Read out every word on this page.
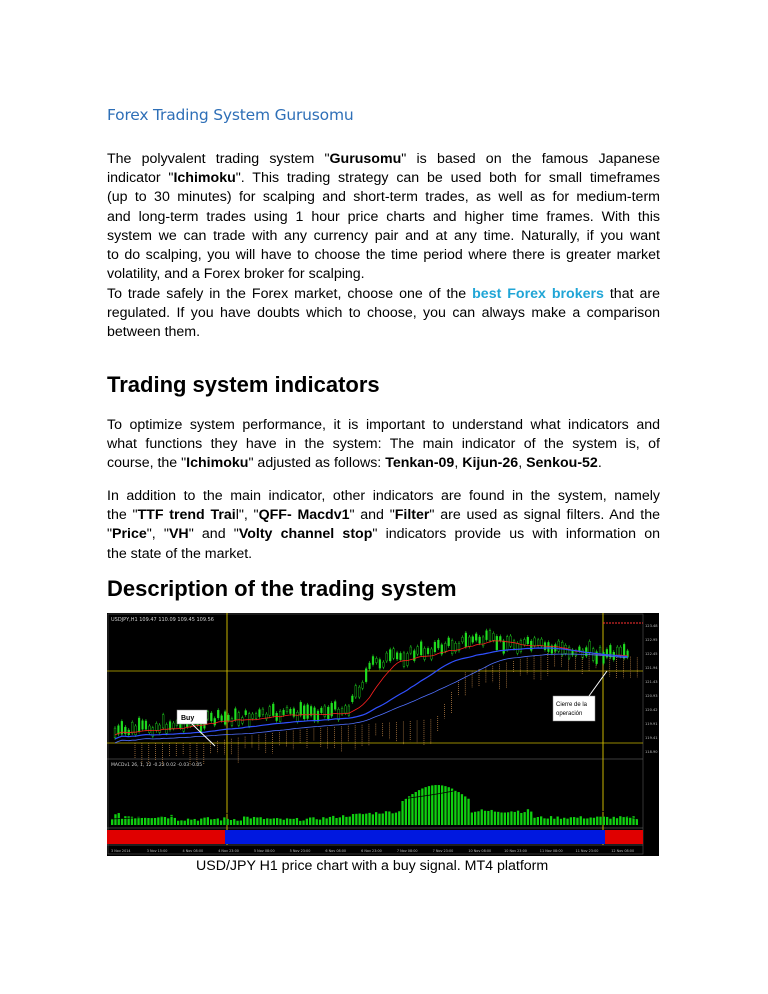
Forex Trading System Gurusomu
The polyvalent trading system "Gurusomu" is based on the famous Japanese
indicator "Ichimoku". This trading strategy can be used both for small timeframes
(up to 30 minutes) for scalping and short-term trades, as well as for medium-term
and long-term trades using 1 hour price charts and higher time frames. With this
system we can trade with any currency pair and at any time. Naturally, if you want
to do scalping, you will have to choose the time period where there is greater market
volatility, and a Forex broker for scalping.
To trade safely in the Forex market, choose one of the best Forex brokers that are
regulated. If you have doubts which to choose, you can always make a comparison
between them.
Trading system indicators
To optimize system performance, it is important to understand what indicators and
what functions they have in the system: The main indicator of the system is, of
course, the "Ichimoku" adjusted as follows: Tenkan-09, Kijun-26, Senkou-52.
In addition to the main indicator, other indicators are found in the system, namely
the "TTF trend Trail", "QFF- Macdv1" and "Filter" are used as signal filters. And the
"Price", "VH" and "Volty channel stop" indicators provide us with information on
the state of the market.
Description of the trading system
123.48
122.95
122.45
121.94
121.43
120.93
120.42
119.91
119.41
118.90
3 Nov 2014	3 Nov 15:00	4 Nov 08:00	4 Nov 23:00	5 Nov 08:00	5 Nov 23:00	6 Nov 08:00	6 Nov 23:00	7 Nov 08:00	7 Nov 23:00	10 Nov 08:00	10 Nov 23:00	11 Nov 08:00	11 Nov 23:00	12 Nov 08:00
USDJPY,H1 109.47 110.09 109.45 109.56
MACDv1 26, 1, 12 -0.23 0.02 -0.03 -0.05
Buy
Cierre de la
operación
USD/JPY H1 price chart with a buy signal. MT4 platform
